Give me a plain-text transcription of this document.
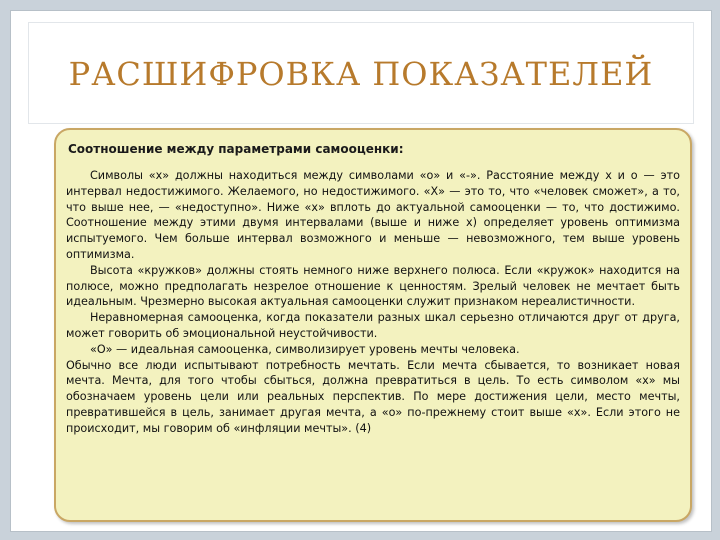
РАСШИФРОВКА ПОКАЗАТЕЛЕЙ
Соотношение между параметрами самооценки:

Символы «х» должны находиться между символами «о» и «-». Расстояние между х и о — это интервал недостижимого. Желаемого, но недостижимого. «Х» — это то, что «человек сможет», а то, что выше нее, — «недоступно». Ниже «х» вплоть до актуальной самооценки — то, что достижимо. Соотношение между этими двумя интервалами (выше и ниже х) определяет уровень оптимизма испытуемого. Чем больше интервал возможного и меньше — невозможного, тем выше уровень оптимизма.

Высота «кружков» должны стоять немного ниже верхнего полюса. Если «кружок» находится на полюсе, можно предполагать незрелое отношение к ценностям. Зрелый человек не мечтает быть идеальным. Чрезмерно высокая актуальная самооценки служит признаком нереалистичности.

Неравномерная самооценка, когда показатели разных шкал серьезно отличаются друг от друга, может говорить об эмоциональной неустойчивости.

«О» — идеальная самооценка, символизирует уровень мечты человека.

Обычно все люди испытывают потребность мечтать. Если мечта сбывается, то возникает новая мечта. Мечта, для того чтобы сбыться, должна превратиться в цель. То есть символом «х» мы обозначаем уровень цели или реальных перспектив. По мере достижения цели, место мечты, превратившейся в цель, занимает другая мечта, а «о» по-прежнему стоит выше «х». Если этого не происходит, мы говорим об «инфляции мечты». (4)
